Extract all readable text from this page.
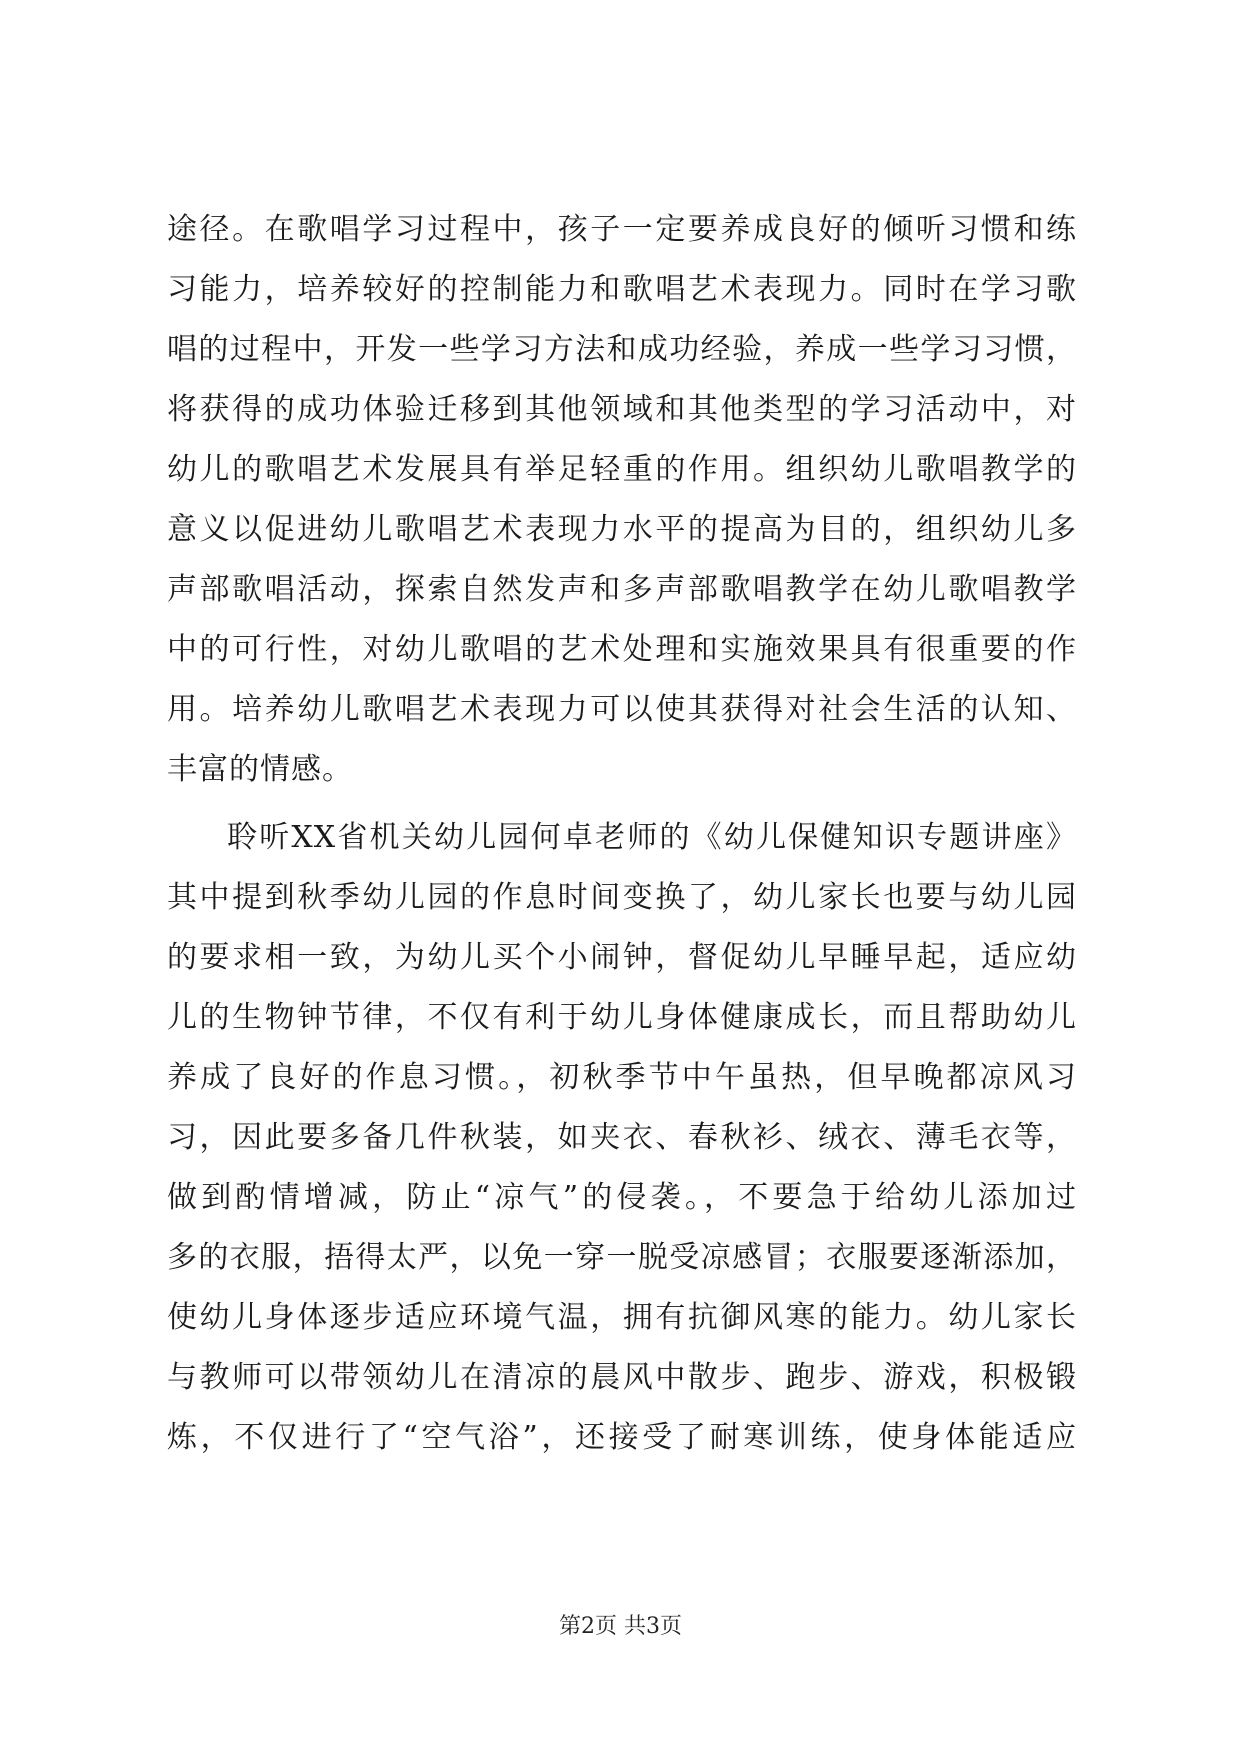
途径。在歌唱学习过程中，孩子一定要养成良好的倾听习惯和练
习能力，培养较好的控制能力和歌唱艺术表现力。同时在学习歌
唱的过程中，开发一些学习方法和成功经验，养成一些学习习惯，
将获得的成功体验迁移到其他领域和其他类型的学习活动中，对
幼儿的歌唱艺术发展具有举足轻重的作用。组织幼儿歌唱教学的
意义以促进幼儿歌唱艺术表现力水平的提高为目的，组织幼儿多
声部歌唱活动，探索自然发声和多声部歌唱教学在幼儿歌唱教学
中的可行性，对幼儿歌唱的艺术处理和实施效果具有很重要的作
用。培养幼儿歌唱艺术表现力可以使其获得对社会生活的认知、
丰富的情感。
聆听XX省机关幼儿园何卓老师的《幼儿保健知识专题讲座》
其中提到秋季幼儿园的作息时间变换了，幼儿家长也要与幼儿园
的要求相一致，为幼儿买个小闹钟，督促幼儿早睡早起，适应幼
儿的生物钟节律，不仅有利于幼儿身体健康成长，而且帮助幼儿
养成了良好的作息习惯。，初秋季节中午虽热，但早晚都凉风习
习，因此要多备几件秋装，如夹衣、春秋衫、绒衣、薄毛衣等，
做到酌情增减，防止“凉气”的侵袭。，不要急于给幼儿添加过
多的衣服，捂得太严，以免一穿一脱受凉感冒；衣服要逐渐添加，
使幼儿身体逐步适应环境气温，拥有抗御风寒的能力。幼儿家长
与教师可以带领幼儿在清凉的晨风中散步、跑步、游戏，积极锻
炼，不仅进行了“空气浴”，还接受了耐寒训练，使身体能适应
第2页 共3页
